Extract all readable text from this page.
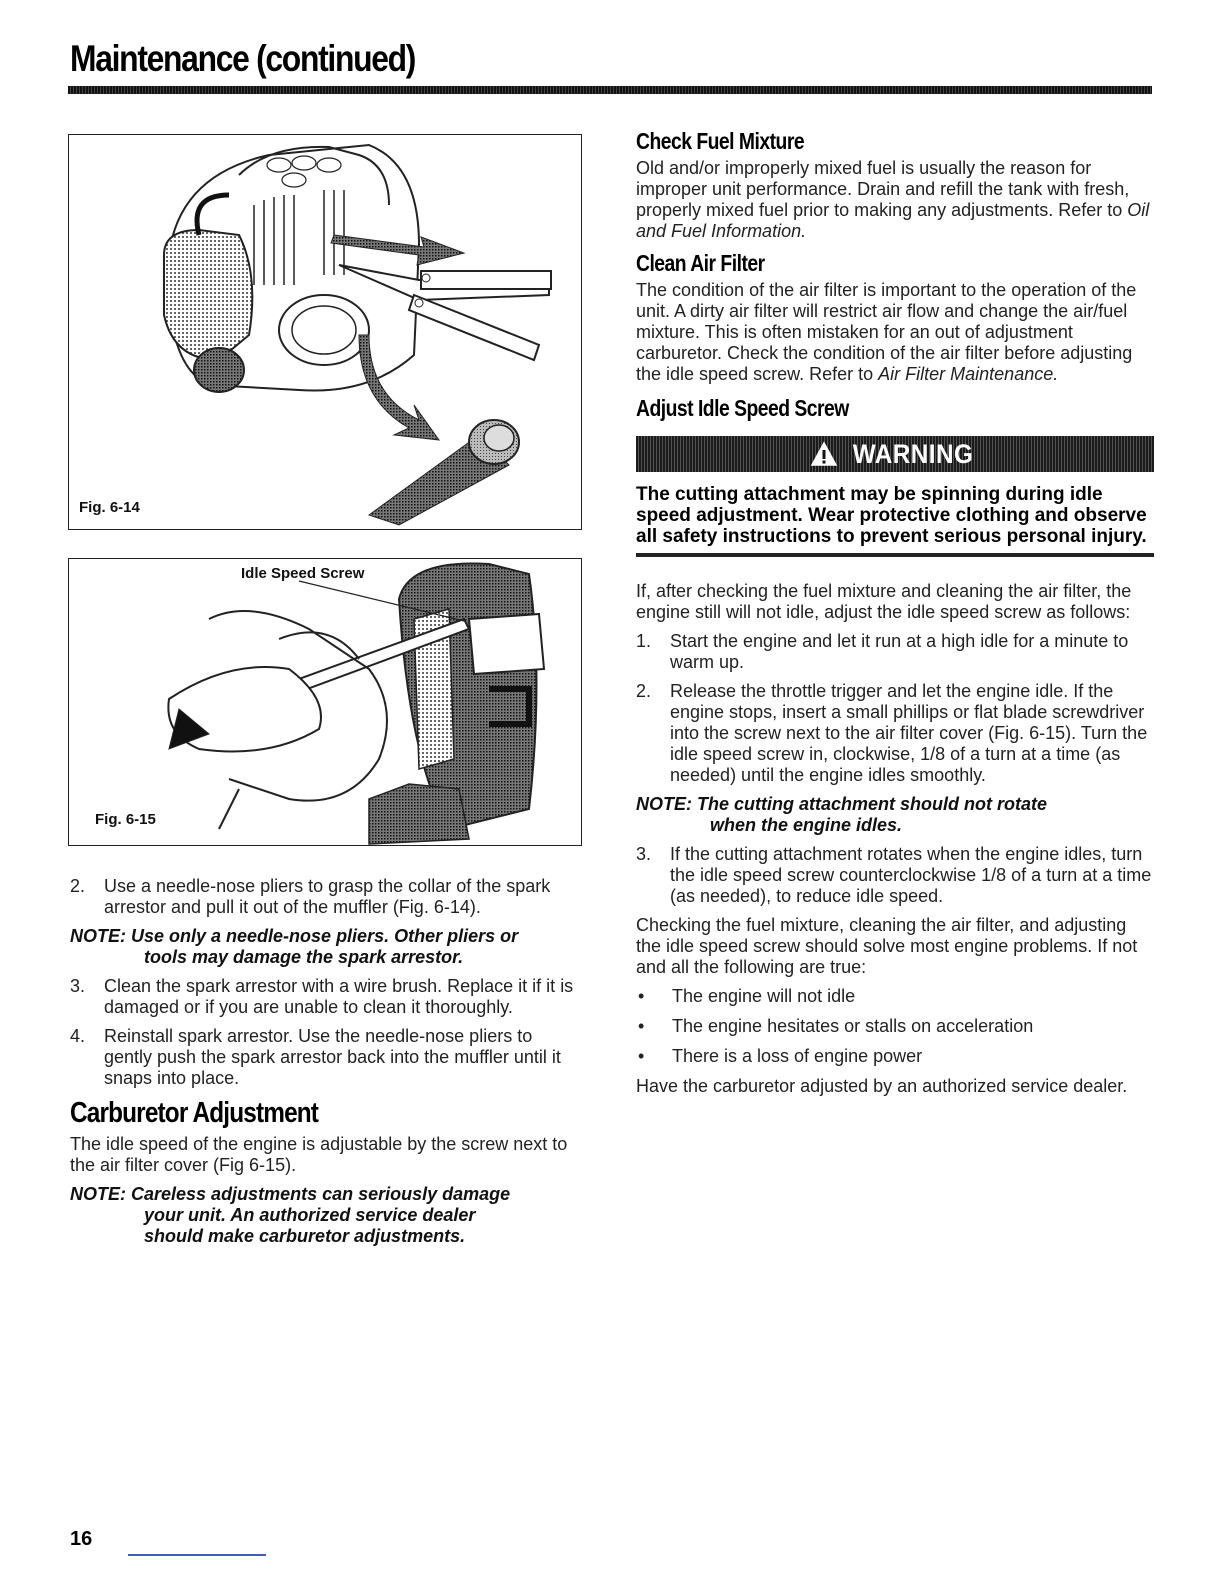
Maintenance (continued)
Fig. 6-14
Idle Speed Screw
Fig. 6-15
2.	Use a needle-nose pliers to grasp the collar of the spark arrestor and pull it out of the muffler (Fig. 6-14).
NOTE: Use only a needle-nose pliers. Other pliers or
tools may damage the spark arrestor.
3.	Clean the spark arrestor with a wire brush. Replace it if it is damaged or if you are unable to clean it thoroughly.
4.	Reinstall spark arrestor. Use the needle-nose pliers to gently push the spark arrestor back into the muffler until it snaps into place.
Carburetor Adjustment
The idle speed of the engine is adjustable by the screw next to the air filter cover (Fig 6-15).
NOTE: Careless adjustments can seriously damage
your unit. An authorized service dealer
should make carburetor adjustments.
Check Fuel Mixture
Old and/or improperly mixed fuel is usually the reason for improper unit performance. Drain and refill the tank with fresh, properly mixed fuel prior to making any adjustments. Refer to Oil and Fuel Information.
Clean Air Filter
The condition of the air filter is important to the operation of the unit. A dirty air filter will restrict air flow and change the air/fuel mixture. This is often mistaken for an out of adjustment carburetor. Check the condition of the air filter before adjusting the idle speed screw. Refer to Air Filter Maintenance.
Adjust Idle Speed Screw
WARNING
The cutting attachment may be spinning during idle speed adjustment. Wear protective clothing and observe all safety instructions to prevent serious personal injury.
If, after checking the fuel mixture and cleaning the air filter, the engine still will not idle, adjust the idle speed screw as follows:
1.	Start the engine and let it run at a high idle for a minute to warm up.
2.	Release the throttle trigger and let the engine idle. If the engine stops, insert a small phillips or flat blade screwdriver into the screw next to the air filter cover (Fig. 6-15). Turn the idle speed screw in, clockwise, 1/8 of a turn at a time (as needed) until the engine idles smoothly.
NOTE: The cutting attachment should not rotate
when the engine idles.
3.	If the cutting attachment rotates when the engine idles, turn the idle speed screw counterclockwise 1/8 of a turn at a time (as needed), to reduce idle speed.
Checking the fuel mixture, cleaning the air filter, and adjusting the idle speed screw should solve most engine problems. If not and all the following are true:
•	The engine will not idle
•	The engine hesitates or stalls on acceleration
•	There is a loss of engine power
Have the carburetor adjusted by an authorized service dealer.
16
